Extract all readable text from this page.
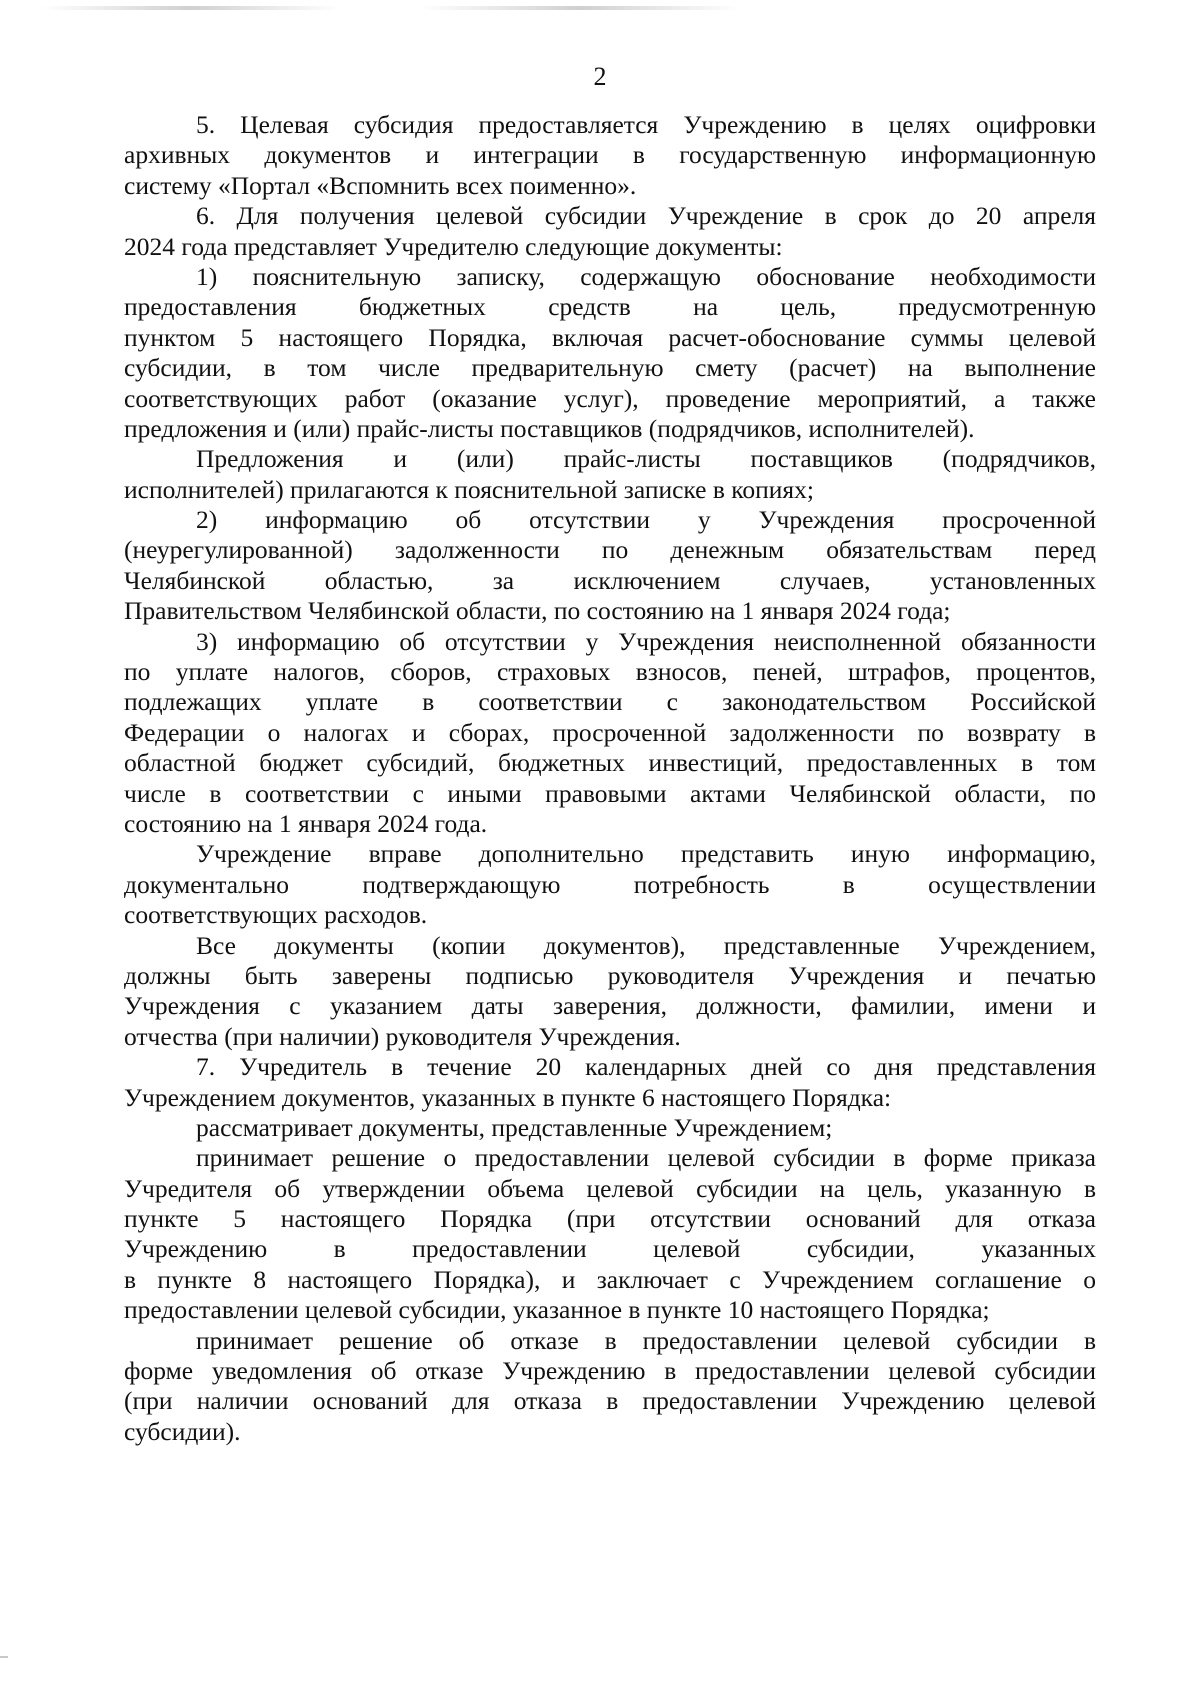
2
5. Целевая субсидия предоставляется Учреждению в целях оцифровки
архивных документов и интеграции в государственную информационную
систему «Портал «Вспомнить всех поименно».
6. Для получения целевой субсидии Учреждение в срок до 20 апреля
2024 года представляет Учредителю следующие документы:
1) пояснительную записку, содержащую обоснование необходимости
предоставления бюджетных средств на цель, предусмотренную
пунктом 5 настоящего Порядка, включая расчет-обоснование суммы целевой
субсидии, в том числе предварительную смету (расчет) на выполнение
соответствующих работ (оказание услуг), проведение мероприятий, а также
предложения и (или) прайс-листы поставщиков (подрядчиков, исполнителей).
Предложения и (или) прайс-листы поставщиков (подрядчиков,
исполнителей) прилагаются к пояснительной записке в копиях;
2) информацию об отсутствии у Учреждения просроченной
(неурегулированной) задолженности по денежным обязательствам перед
Челябинской областью, за исключением случаев, установленных
Правительством Челябинской области, по состоянию на 1 января 2024 года;
3) информацию об отсутствии у Учреждения неисполненной обязанности
по уплате налогов, сборов, страховых взносов, пеней, штрафов, процентов,
подлежащих уплате в соответствии с законодательством Российской
Федерации о налогах и сборах, просроченной задолженности по возврату в
областной бюджет субсидий, бюджетных инвестиций, предоставленных в том
числе в соответствии с иными правовыми актами Челябинской области, по
состоянию на 1 января 2024 года.
Учреждение вправе дополнительно представить иную информацию,
документально подтверждающую потребность в осуществлении
соответствующих расходов.
Все документы (копии документов), представленные Учреждением,
должны быть заверены подписью руководителя Учреждения и печатью
Учреждения с указанием даты заверения, должности, фамилии, имени и
отчества (при наличии) руководителя Учреждения.
7. Учредитель в течение 20 календарных дней со дня представления
Учреждением документов, указанных в пункте 6 настоящего Порядка:
рассматривает документы, представленные Учреждением;
принимает решение о предоставлении целевой субсидии в форме приказа
Учредителя об утверждении объема целевой субсидии на цель, указанную в
пункте 5 настоящего Порядка (при отсутствии оснований для отказа
Учреждению в предоставлении целевой субсидии, указанных
в пункте 8 настоящего Порядка), и заключает с Учреждением соглашение о
предоставлении целевой субсидии, указанное в пункте 10 настоящего Порядка;
принимает решение об отказе в предоставлении целевой субсидии в
форме уведомления об отказе Учреждению в предоставлении целевой субсидии
(при наличии оснований для отказа в предоставлении Учреждению целевой
субсидии).
